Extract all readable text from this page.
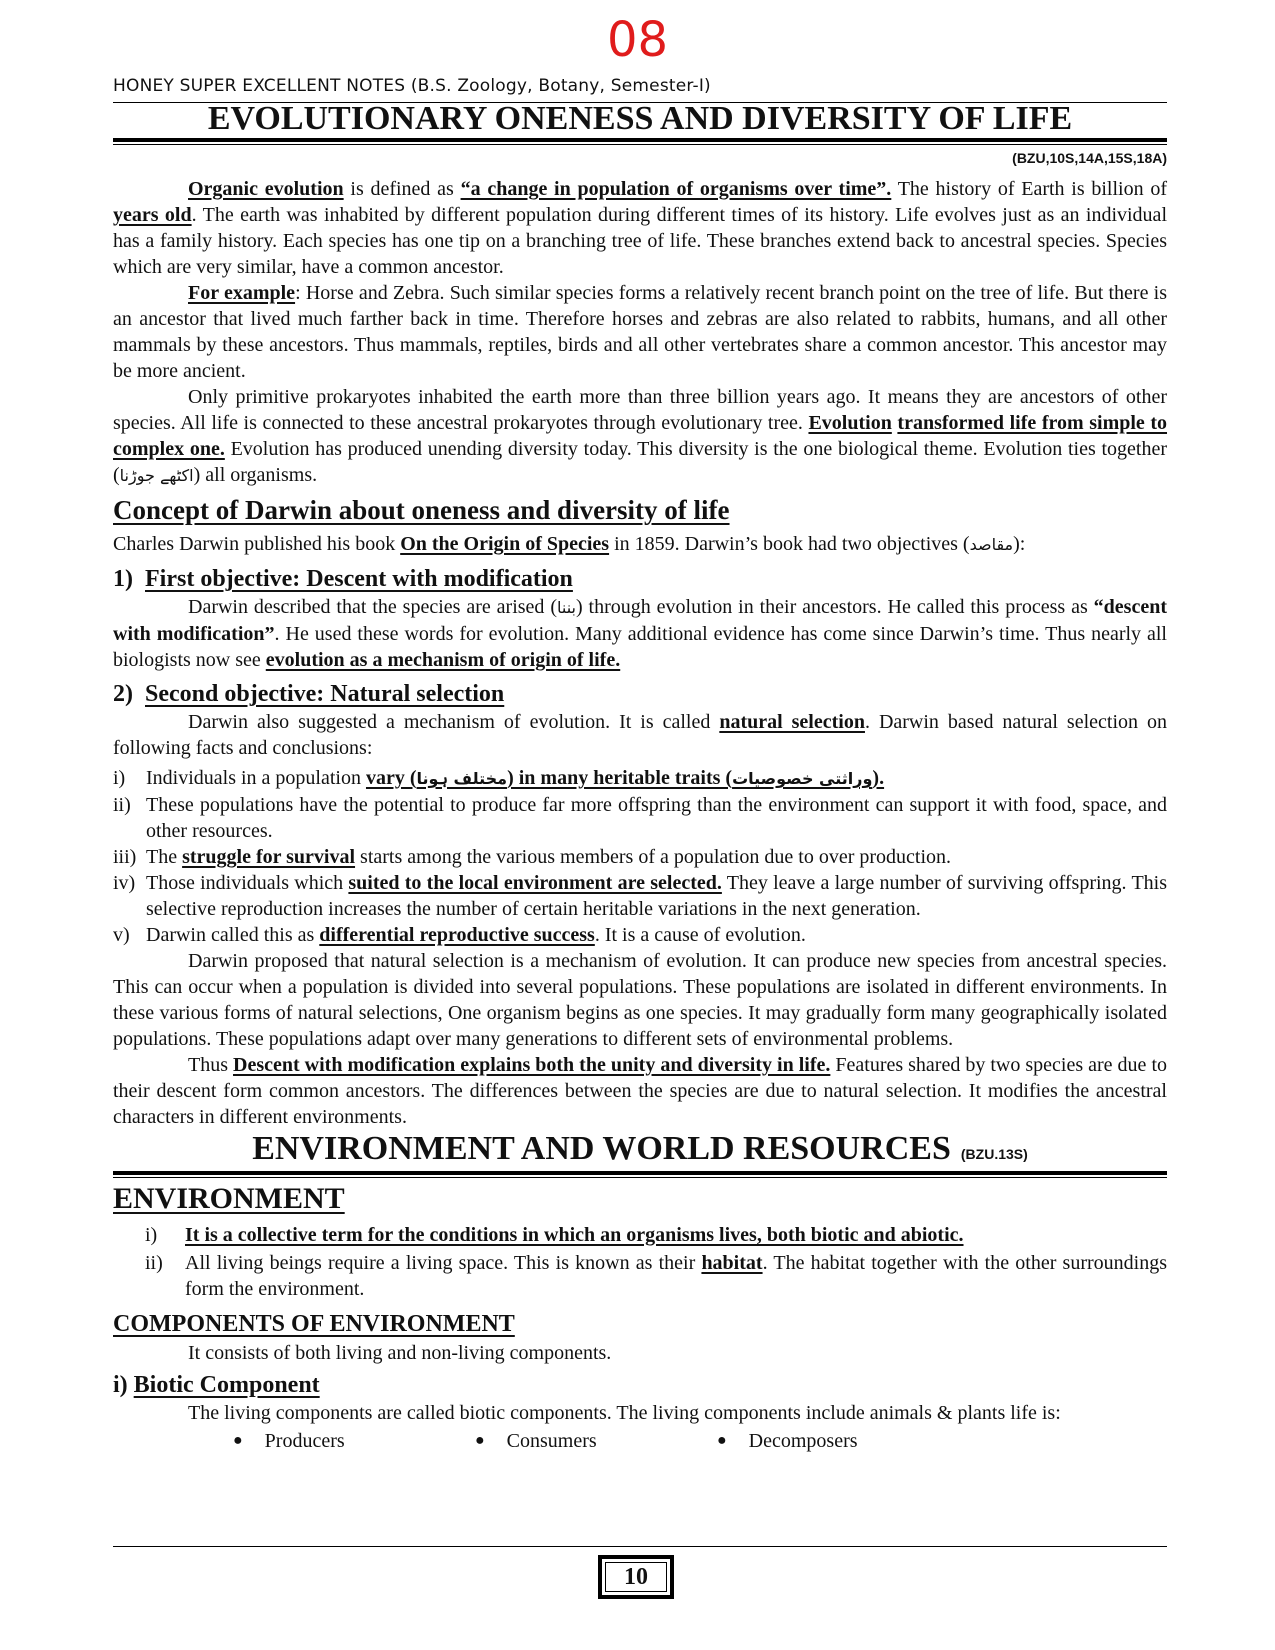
08
HONEY SUPER EXCELLENT NOTES (B.S. Zoology, Botany, Semester-I)
EVOLUTIONARY ONENESS AND DIVERSITY OF LIFE
(BZU,10S,14A,15S,18A)

Organic evolution is defined as “a change in population of organisms over time”. The history of Earth is billion of years old. The earth was inhabited by different population during different times of its history. Life evolves just as an individual has a family history. Each species has one tip on a branching tree of life. These branches extend back to ancestral species. Species which are very similar, have a common ancestor.

For example: Horse and Zebra. Such similar species forms a relatively recent branch point on the tree of life. But there is an ancestor that lived much farther back in time. Therefore horses and zebras are also related to rabbits, humans, and all other mammals by these ancestors. Thus mammals, reptiles, birds and all other vertebrates share a common ancestor. This ancestor may be more ancient.

Only primitive prokaryotes inhabited the earth more than three billion years ago. It means they are ancestors of other species. All life is connected to these ancestral prokaryotes through evolutionary tree. Evolution transformed life from simple to complex one. Evolution has produced unending diversity today. This diversity is the one biological theme. Evolution ties together (اکٹھے جوڑنا) all organisms.

Concept of Darwin about oneness and diversity of life

Charles Darwin published his book On the Origin of Species in 1859. Darwin’s book had two objectives (مقاصد):

1) First objective: Descent with modification

Darwin described that the species are arised (بننا) through evolution in their ancestors. He called this process as “descent with modification”. He used these words for evolution. Many additional evidence has come since Darwin’s time. Thus nearly all biologists now see evolution as a mechanism of origin of life.

2) Second objective: Natural selection

Darwin also suggested a mechanism of evolution. It is called natural selection. Darwin based natural selection on following facts and conclusions:

i) Individuals in a population vary (مختلف ہونا) in many heritable traits (وراثتی خصوصیات).
ii) These populations have the potential to produce far more offspring than the environment can support it with food, space, and other resources.
iii) The struggle for survival starts among the various members of a population due to over production.
iv) Those individuals which suited to the local environment are selected. They leave a large number of surviving offspring. This selective reproduction increases the number of certain heritable variations in the next generation.
v) Darwin called this as differential reproductive success. It is a cause of evolution.

Darwin proposed that natural selection is a mechanism of evolution. It can produce new species from ancestral species. This can occur when a population is divided into several populations. These populations are isolated in different environments. In these various forms of natural selections, One organism begins as one species. It may gradually form many geographically isolated populations. These populations adapt over many generations to different sets of environmental problems.

Thus Descent with modification explains both the unity and diversity in life. Features shared by two species are due to their descent form common ancestors. The differences between the species are due to natural selection. It modifies the ancestral characters in different environments.

ENVIRONMENT AND WORLD RESOURCES (BZU.13S)
ENVIRONMENT
i) It is a collective term for the conditions in which an organisms lives, both biotic and abiotic.
ii) All living beings require a living space. This is known as their habitat. The habitat together with the other surroundings form the environment.
COMPONENTS OF ENVIRONMENT

It consists of both living and non-living components.

i) Biotic Component

The living components are called biotic components. The living components include animals & plants life is:

● Producers	● Consumers	● Decomposers
10
